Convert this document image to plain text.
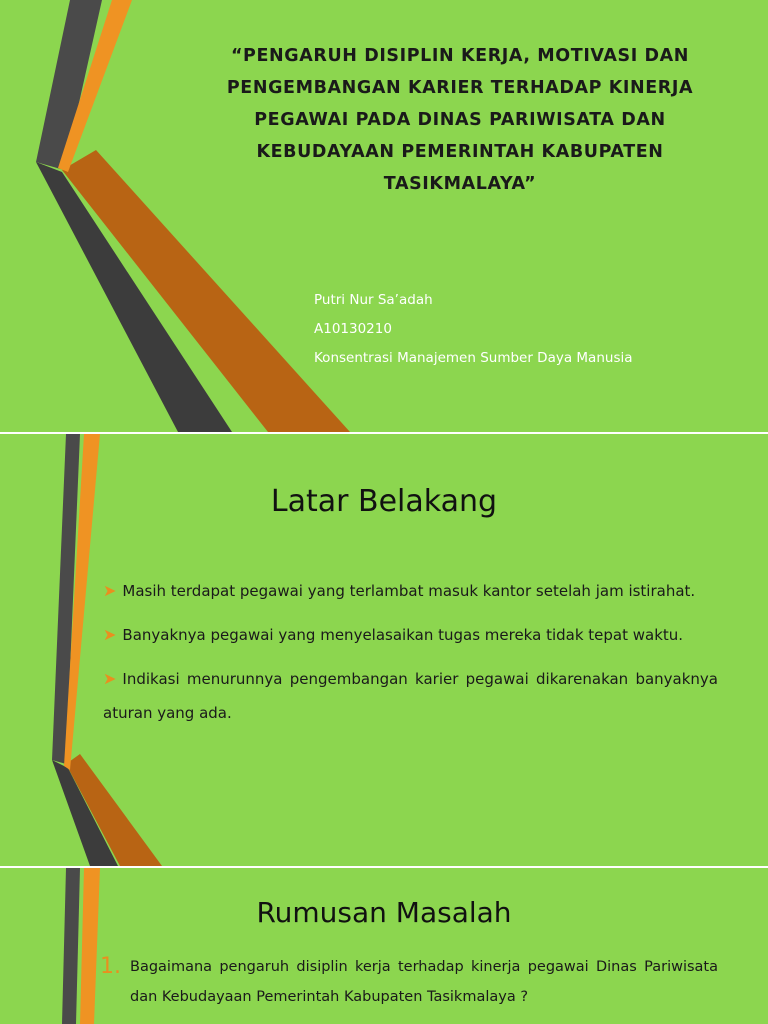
“PENGARUH DISIPLIN KERJA, MOTIVASI DAN
PENGEMBANGAN KARIER TERHADAP KINERJA
PEGAWAI PADA DINAS PARIWISATA DAN
KEBUDAYAAN PEMERINTAH KABUPATEN
TASIKMALAYA”
Putri Nur Sa’adah
A10130210
Konsentrasi Manajemen Sumber Daya Manusia
Latar Belakang
➤ Masih terdapat pegawai yang terlambat masuk kantor setelah jam istirahat.
➤ Banyaknya pegawai yang menyelasaikan tugas mereka tidak tepat waktu.
➤ Indikasi menurunnya pengembangan karier pegawai dikarenakan banyaknya aturan yang ada.
Rumusan Masalah
1. Bagaimana pengaruh disiplin kerja terhadap kinerja pegawai Dinas Pariwisata dan Kebudayaan Pemerintah Kabupaten Tasikmalaya ?
